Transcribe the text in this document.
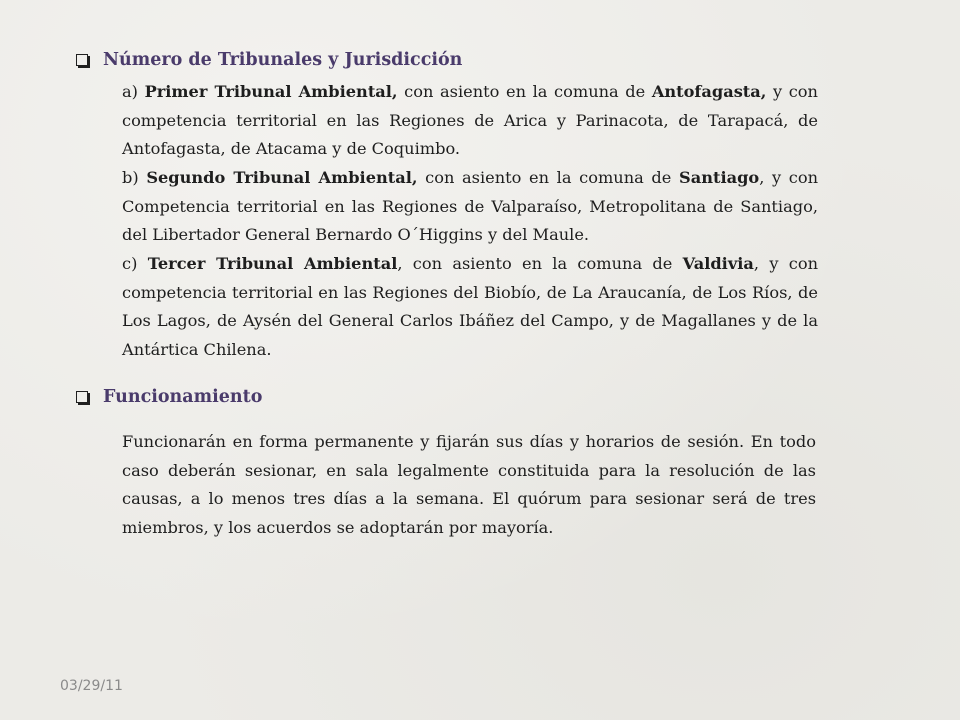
Número de Tribunales y Jurisdicción

a) Primer Tribunal Ambiental, con asiento en la comuna de Antofagasta, y con competencia territorial en las Regiones de Arica y Parinacota, de Tarapacá, de Antofagasta, de Atacama y de Coquimbo.

b) Segundo Tribunal Ambiental, con asiento en la comuna de Santiago, y con Competencia territorial en las Regiones de Valparaíso, Metropolitana de Santiago, del Libertador General Bernardo O´Higgins y del Maule.

c) Tercer Tribunal Ambiental, con asiento en la comuna de Valdivia, y con competencia territorial en las Regiones del Biobío, de La Araucanía, de Los Ríos, de Los Lagos, de Aysén del General Carlos Ibáñez del Campo, y de Magallanes y de la Antártica Chilena.

Funcionamiento

Funcionarán en forma permanente y fijarán sus días y horarios de sesión. En todo caso deberán sesionar, en sala legalmente constituida para la resolución de las causas, a lo menos tres días a la semana. El quórum para sesionar será de tres miembros, y los acuerdos se adoptarán por mayoría.

03/29/11
